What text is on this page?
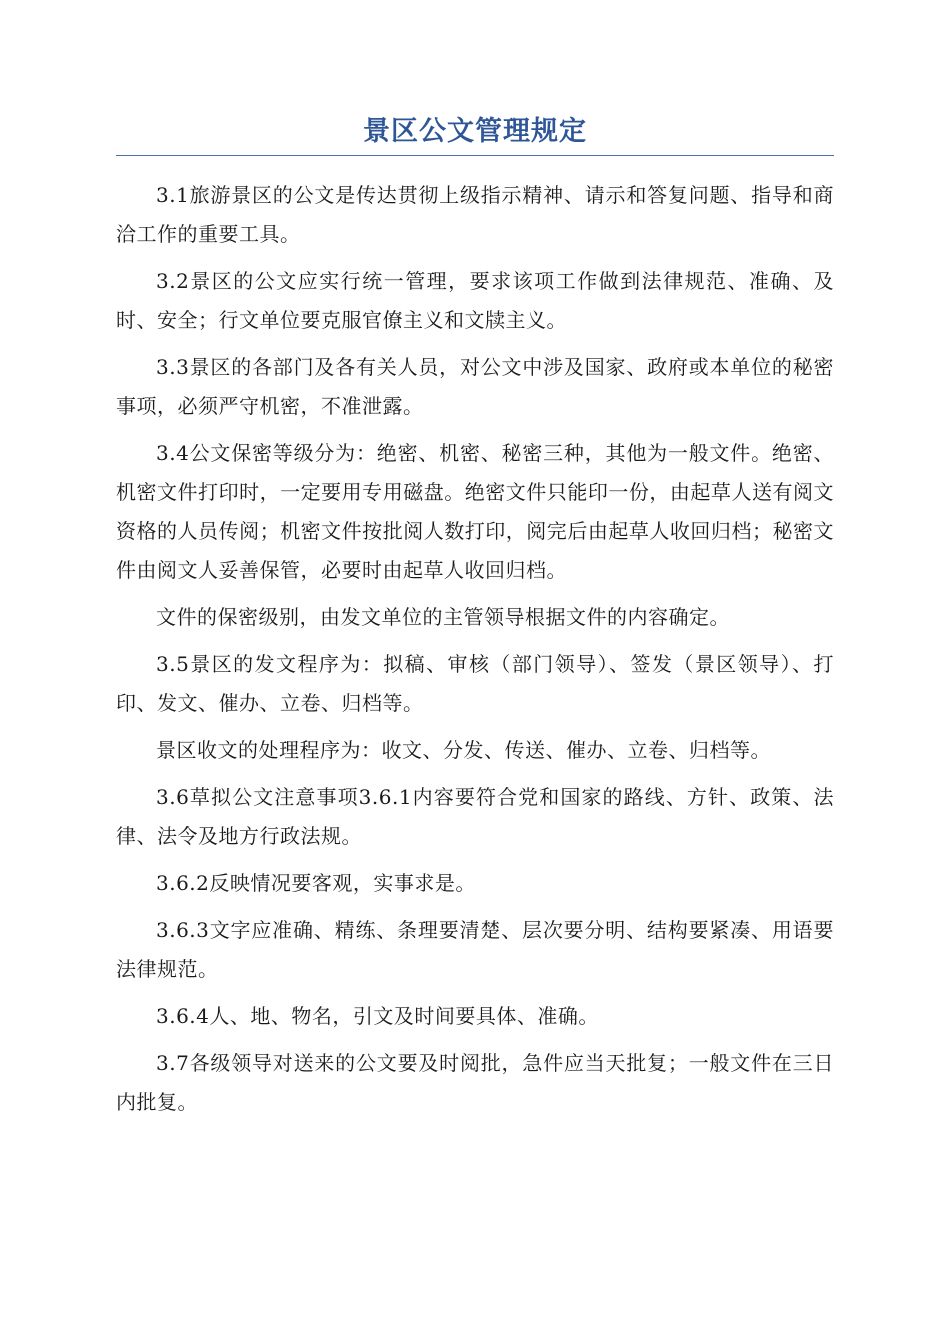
景区公文管理规定

3.1旅游景区的公文是传达贯彻上级指示精神、请示和答复问题、指导和商洽工作的重要工具。

3.2景区的公文应实行统一管理，要求该项工作做到法律规范、准确、及时、安全；行文单位要克服官僚主义和文牍主义。

3.3景区的各部门及各有关人员，对公文中涉及国家、政府或本单位的秘密事项，必须严守机密，不准泄露。

3.4公文保密等级分为：绝密、机密、秘密三种，其他为一般文件。绝密、机密文件打印时，一定要用专用磁盘。绝密文件只能印一份，由起草人送有阅文资格的人员传阅；机密文件按批阅人数打印，阅完后由起草人收回归档；秘密文件由阅文人妥善保管，必要时由起草人收回归档。

文件的保密级别，由发文单位的主管领导根据文件的内容确定。

3.5景区的发文程序为：拟稿、审核（部门领导）、签发（景区领导）、打印、发文、催办、立卷、归档等。

景区收文的处理程序为：收文、分发、传送、催办、立卷、归档等。

3.6草拟公文注意事项3.6.1内容要符合党和国家的路线、方针、政策、法律、法令及地方行政法规。

3.6.2反映情况要客观，实事求是。

3.6.3文字应准确、精练、条理要清楚、层次要分明、结构要紧凑、用语要法律规范。

3.6.4人、地、物名，引文及时间要具体、准确。

3.7各级领导对送来的公文要及时阅批，急件应当天批复；一般文件在三日内批复。
